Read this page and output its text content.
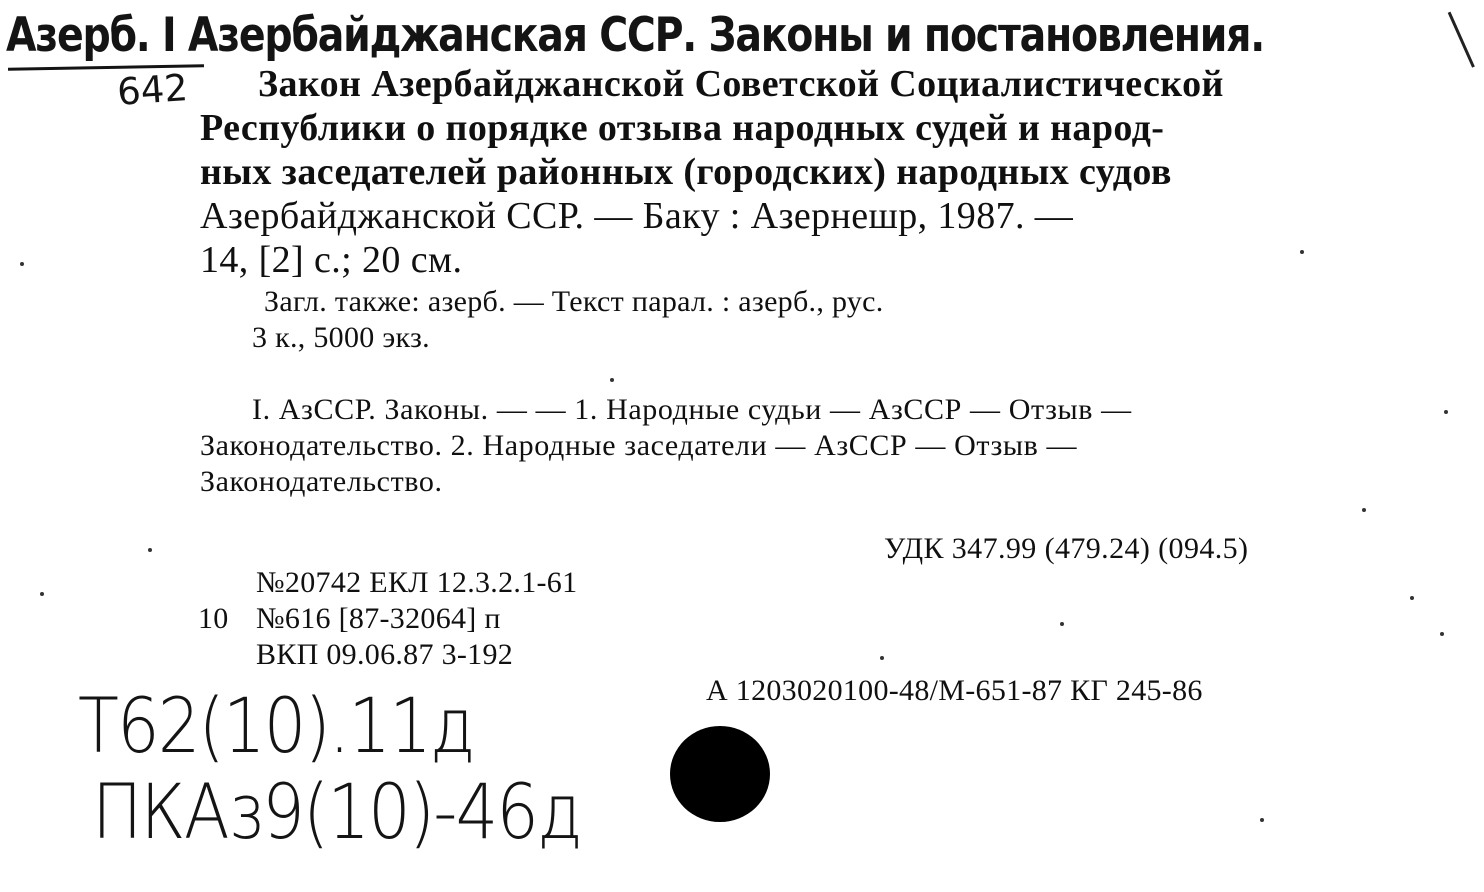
Азерб. I Азербайджанская ССР. Законы и постановления.
642	Закон Азербайджанской Советской Социалистической
Республики о порядке отзыва народных судей и народ-
ных заседателей районных (городских) народных судов
Азербайджанской ССР. — Баку : Азернешр, 1987. —
14, [2] с.; 20 см.
Загл. также: азерб. — Текст парал. : азерб., рус.
3 к., 5000 экз.
I. АзССР. Законы. — — 1. Народные судьи — АзССР — Отзыв —
Законодательство. 2. Народные заседатели — АзССР — Отзыв —
Законодательство.
УДК 347.99 (479.24) (094.5)
№20742 ЕКЛ 12.3.2.1-61
10 №616 [87-32064] п
ВКП 09.06.87 3-192
А 1203020100-48/М-651-87 КГ 245-86
Т62(10).11д
ПКАз9(10)-46д
